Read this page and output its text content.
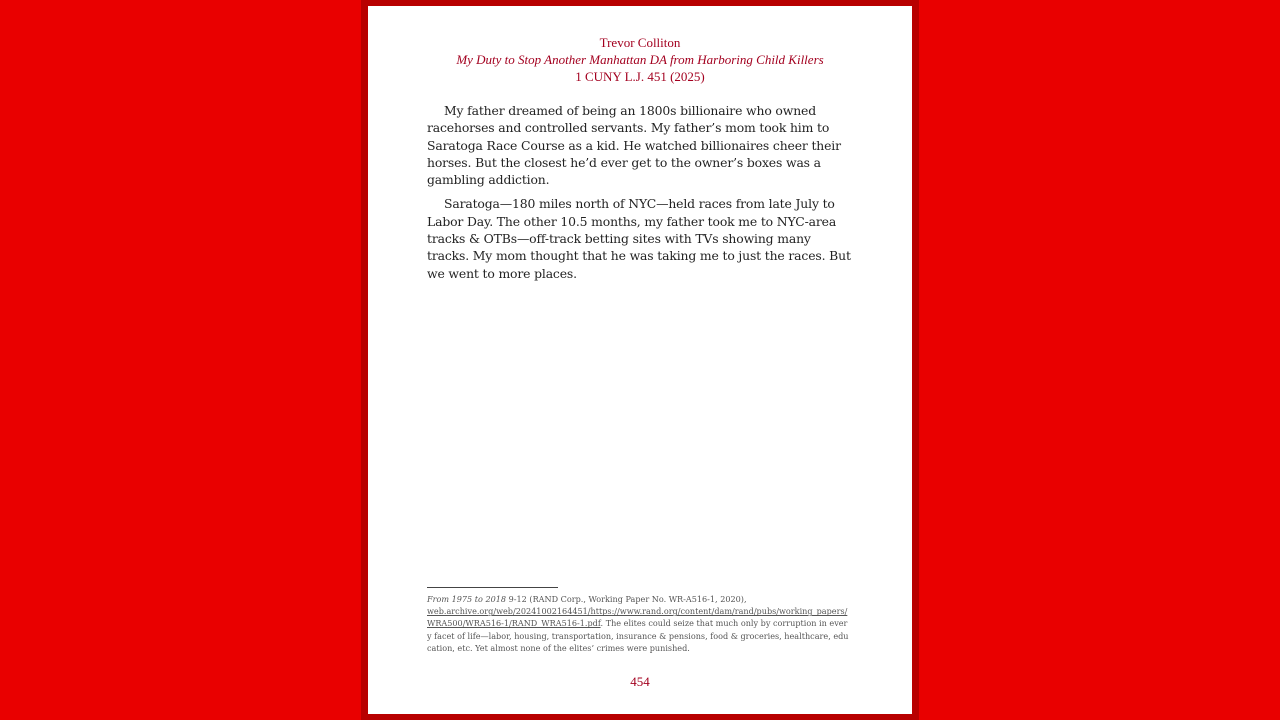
Trevor Colliton
My Duty to Stop Another Manhattan DA from Harboring Child Killers
1 CUNY L.J. 451 (2025)

My father dreamed of being an 1800s billionaire who owned racehorses and controlled servants. My father’s mom took him to Saratoga Race Course as a kid. He watched billionaires cheer their horses. But the closest he’d ever get to the owner’s boxes was a gambling addiction.

Saratoga—180 miles north of NYC—held races from late July to Labor Day. The other 10.5 months, my father took me to NYC-area tracks & OTBs—off-track betting sites with TVs showing many tracks. My mom thought that he was taking me to just the races. But we went to more places.

From 1975 to 2018 9-12 (RAND Corp., Working Paper No. WR-A516-1, 2020),
web.archive.org/web/20241002164451/https://www.rand.org/content/dam/rand/pubs/working_papers/WRA500/WRA516-1/RAND_WRA516-1.pdf. The elites could seize that much only by corruption in every facet of life—labor, housing, transportation, insurance & pensions, food & groceries, healthcare, education, etc. Yet almost none of the elites’ crimes were punished.
454
